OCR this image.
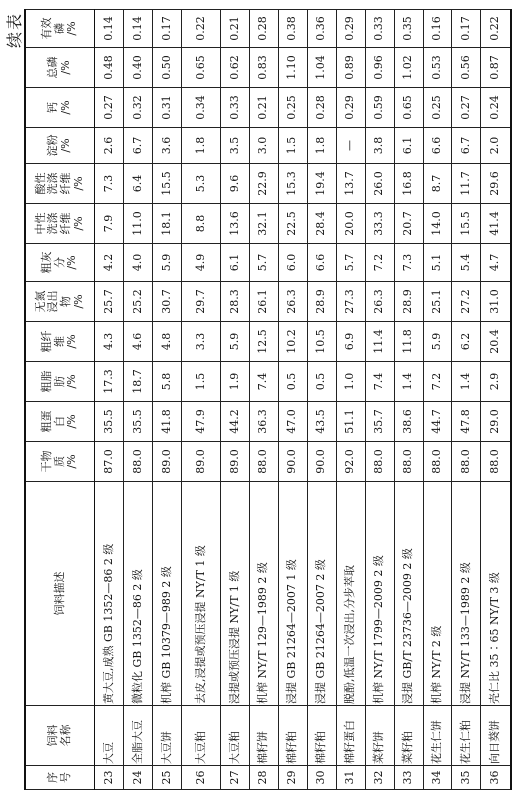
续表
序 号	饲料 名称	饲料描述	干物 质 /%	粗蛋 白 /%	粗脂 肪 /%	粗纤 维 /%	无氮 浸出 物 /%	粗灰 分 /%	中性 洗涤 纤维 /%	酸性 洗涤 纤维 /%	淀粉 /%	钙 /%	总磷 /%	有效 磷 /%

23	大豆	黄大豆,成熟 GB 1352—86 2 级	87.0	35.5	17.3	4.3	25.7	4.2	7.9	7.3	2.6	0.27	0.48	0.14
24	全脂大豆	微粒化 GB 1352—86 2 级	88.0	35.5	18.7	4.6	25.2	4.0	11.0	6.4	6.7	0.32	0.40	0.14
25	大豆饼	机榨 GB 10379—989 2 级	89.0	41.8	5.8	4.8	30.7	5.9	18.1	15.5	3.6	0.31	0.50	0.17
26	大豆粕	去皮,浸提或预压浸提 NY/T 1 级	89.0	47.9	1.5	3.3	29.7	4.9	8.8	5.3	1.8	0.34	0.65	0.22
27	大豆粕	浸提或预压浸提 NY/T 1 级	89.0	44.2	1.9	5.9	28.3	6.1	13.6	9.6	3.5	0.33	0.62	0.21
28	棉籽饼	机榨 NY/T 129—1989 2 级	88.0	36.3	7.4	12.5	26.1	5.7	32.1	22.9	3.0	0.21	0.83	0.28
29	棉籽粕	浸提 GB 21264—2007 1 级	90.0	47.0	0.5	10.2	26.3	6.0	22.5	15.3	1.5	0.25	1.10	0.38
30	棉籽粕	浸提 GB 21264—2007 2 级	90.0	43.5	0.5	10.5	28.9	6.6	28.4	19.4	1.8	0.28	1.04	0.36
31	棉籽蛋白	脱酚,低温一次浸出,分步萃取	92.0	51.1	1.0	6.9	27.3	5.7	20.0	13.7	—	0.29	0.89	0.29
32	菜籽饼	机榨 NY/T 1799—2009 2 级	88.0	35.7	7.4	11.4	26.3	7.2	33.3	26.0	3.8	0.59	0.96	0.33
33	菜籽粕	浸提 GB/T 23736—2009 2 级	88.0	38.6	1.4	11.8	28.9	7.3	20.7	16.8	6.1	0.65	1.02	0.35
34	花生仁饼	机榨 NY/T 2 级	88.0	44.7	7.2	5.9	25.1	5.1	14.0	8.7	6.6	0.25	0.53	0.16
35	花生仁粕	浸提 NY/T 133—1989 2 级	88.0	47.8	1.4	6.2	27.2	5.4	15.5	11.7	6.7	0.27	0.56	0.17
36	向日葵饼	壳仁比 35∶65 NY/T 3 级	88.0	29.0	2.9	20.4	31.0	4.7	41.4	29.6	2.0	0.24	0.87	0.22
